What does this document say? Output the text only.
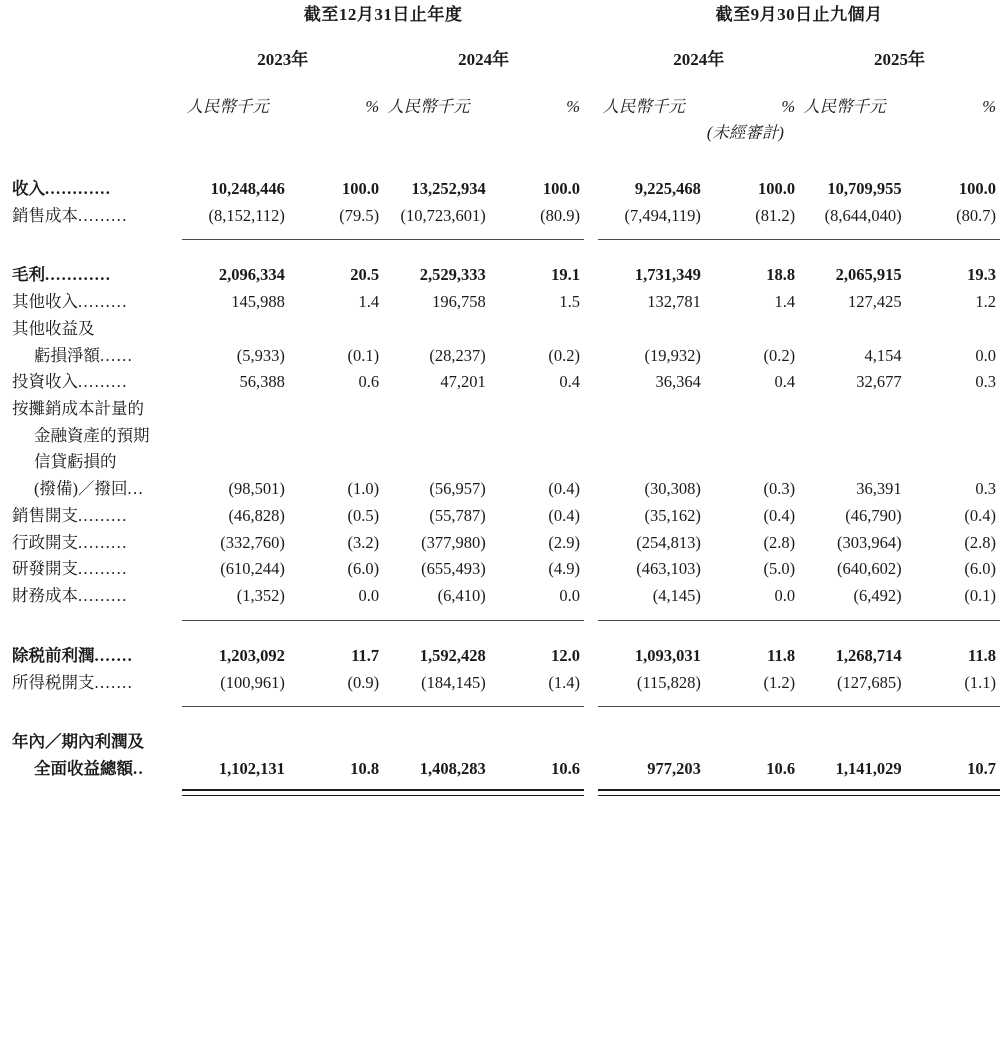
	截至12月31日止年度					截至9月30日止九個月			

	2023年		2024年			2024年		2025年	

	人民幣千元	%	人民幣千元	%		人民幣千元	%	人民幣千元	%
							(未經審計)		

收入............	10,248,446	100.0	13,252,934	100.0		9,225,468	100.0	10,709,955	100.0
銷售成本.........	(8,152,112)	(79.5)	(10,723,601)	(80.9)		(7,494,119)	(81.2)	(8,644,040)	(80.7)

毛利............	2,096,334	20.5	2,529,333	19.1		1,731,349	18.8	2,065,915	19.3
其他收入.........	145,988	1.4	196,758	1.5		132,781	1.4	127,425	1.2
其他收益及									
虧損淨額......	(5,933)	(0.1)	(28,237)	(0.2)		(19,932)	(0.2)	4,154	0.0
投資收入.........	56,388	0.6	47,201	0.4		36,364	0.4	32,677	0.3
按攤銷成本計量的									
金融資產的預期									
信貸虧損的									
(撥備)／撥回...	(98,501)	(1.0)	(56,957)	(0.4)		(30,308)	(0.3)	36,391	0.3
銷售開支.........	(46,828)	(0.5)	(55,787)	(0.4)		(35,162)	(0.4)	(46,790)	(0.4)
行政開支.........	(332,760)	(3.2)	(377,980)	(2.9)		(254,813)	(2.8)	(303,964)	(2.8)
研發開支.........	(610,244)	(6.0)	(655,493)	(4.9)		(463,103)	(5.0)	(640,602)	(6.0)
財務成本.........	(1,352)	0.0	(6,410)	0.0		(4,145)	0.0	(6,492)	(0.1)

除税前利潤.......	1,203,092	11.7	1,592,428	12.0		1,093,031	11.8	1,268,714	11.8
所得税開支.......	(100,961)	(0.9)	(184,145)	(1.4)		(115,828)	(1.2)	(127,685)	(1.1)

年內／期內利潤及									
全面收益總額..	1,102,131	10.8	1,408,283	10.6		977,203	10.6	1,141,029	10.7
